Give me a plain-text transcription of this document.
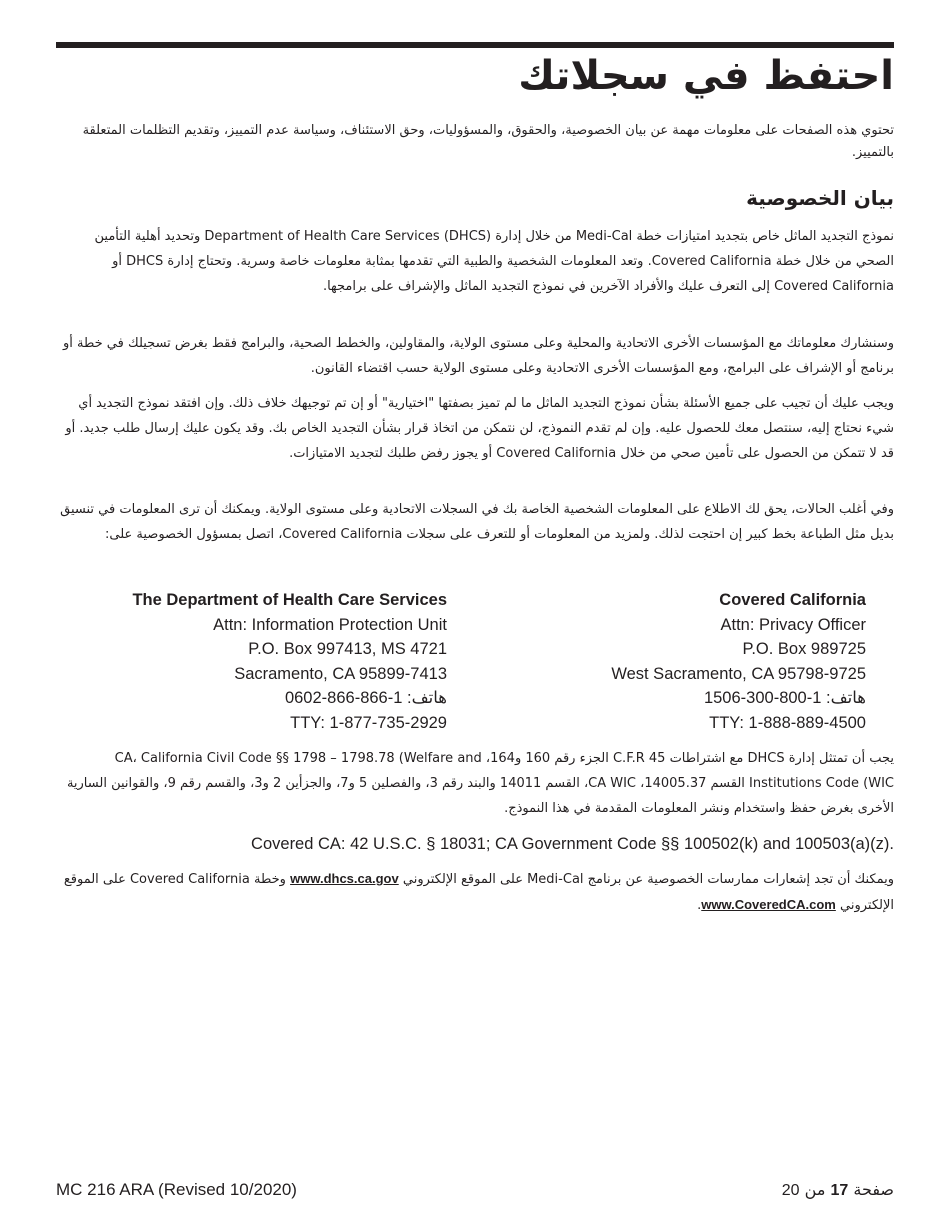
احتفظ في سجلاتك

تحتوي هذه الصفحات على معلومات مهمة عن بيان الخصوصية، والحقوق، والمسؤوليات، وحق الاستئناف، وسياسة عدم التمييز، وتقديم التظلمات المتعلقة بالتمييز.

بيان الخصوصية

نموذج التجديد الماثل خاص بتجديد امتيازات خطة Medi-Cal من خلال إدارة Department of Health Care Services (DHCS) وتحديد أهلية التأمين الصحي من خلال خطة Covered California. وتعد المعلومات الشخصية والطبية التي تقدمها بمثابة معلومات خاصة وسرية. وتحتاج إدارة DHCS أو Covered California إلى التعرف عليك والأفراد الآخرين في نموذج التجديد الماثل والإشراف على برامجها.

وسنشارك معلوماتك مع المؤسسات الأخرى الاتحادية والمحلية وعلى مستوى الولاية، والمقاولين، والخطط الصحية، والبرامج فقط بغرض تسجيلك في خطة أو برنامج أو الإشراف على البرامج، ومع المؤسسات الأخرى الاتحادية وعلى مستوى الولاية حسب اقتضاء القانون.

ويجب عليك أن تجيب على جميع الأسئلة بشأن نموذج التجديد الماثل ما لم تميز بصفتها "اختيارية" أو إن تم توجيهك خلاف ذلك. وإن افتقد نموذج التجديد أي شيء نحتاج إليه، سنتصل معك للحصول عليه. وإن لم تقدم النموذج، لن نتمكن من اتخاذ قرار بشأن التجديد الخاص بك. وقد يكون عليك إرسال طلب جديد. أو قد لا تتمكن من الحصول على تأمين صحي من خلال Covered California أو يجوز رفض طلبك لتجديد الامتيازات.

وفي أغلب الحالات، يحق لك الاطلاع على المعلومات الشخصية الخاصة بك في السجلات الاتحادية وعلى مستوى الولاية. ويمكنك أن ترى المعلومات في تنسيق بديل مثل الطباعة بخط كبير إن احتجت لذلك. ولمزيد من المعلومات أو للتعرف على سجلات Covered California، اتصل بمسؤول الخصوصية على:

Covered California
Attn: Privacy Officer
P.O. Box 989725
West Sacramento, CA 95798-9725
هاتف: 1-800-300-1506
TTY: 1-888-889-4500
The Department of Health Care Services
Attn: Information Protection Unit
P.O. Box 997413, MS 4721
Sacramento, CA 95899-7413
هاتف: 1-866-866-0602
TTY: 1-877-735-2929

يجب أن تمتثل إدارة DHCS مع اشتراطات C.F.R 45 الجزء رقم 160 و164، CA، California Civil Code §§ 1798 – 1798.78 (Welfare and Institutions Code (WIC القسم 14005.37، CA WIC، القسم 14011 والبند رقم 3، والفصلين 5 و7، والجزأين 2 و3، والقسم رقم 9، والقوانين السارية الأخرى بغرض حفظ واستخدام ونشر المعلومات المقدمة في هذا النموذج.

Covered CA: 42 U.S.C. § 18031; CA Government Code §§ 100502(k) and 100503(a)(z).

ويمكنك أن تجد إشعارات ممارسات الخصوصية عن برنامج Medi-Cal على الموقع الإلكتروني www.dhcs.ca.gov وخطة Covered California على الموقع الإلكتروني www.CoveredCA.com.

MC 216 ARA (Revised 10/2020)	صفحة 17 من 20
